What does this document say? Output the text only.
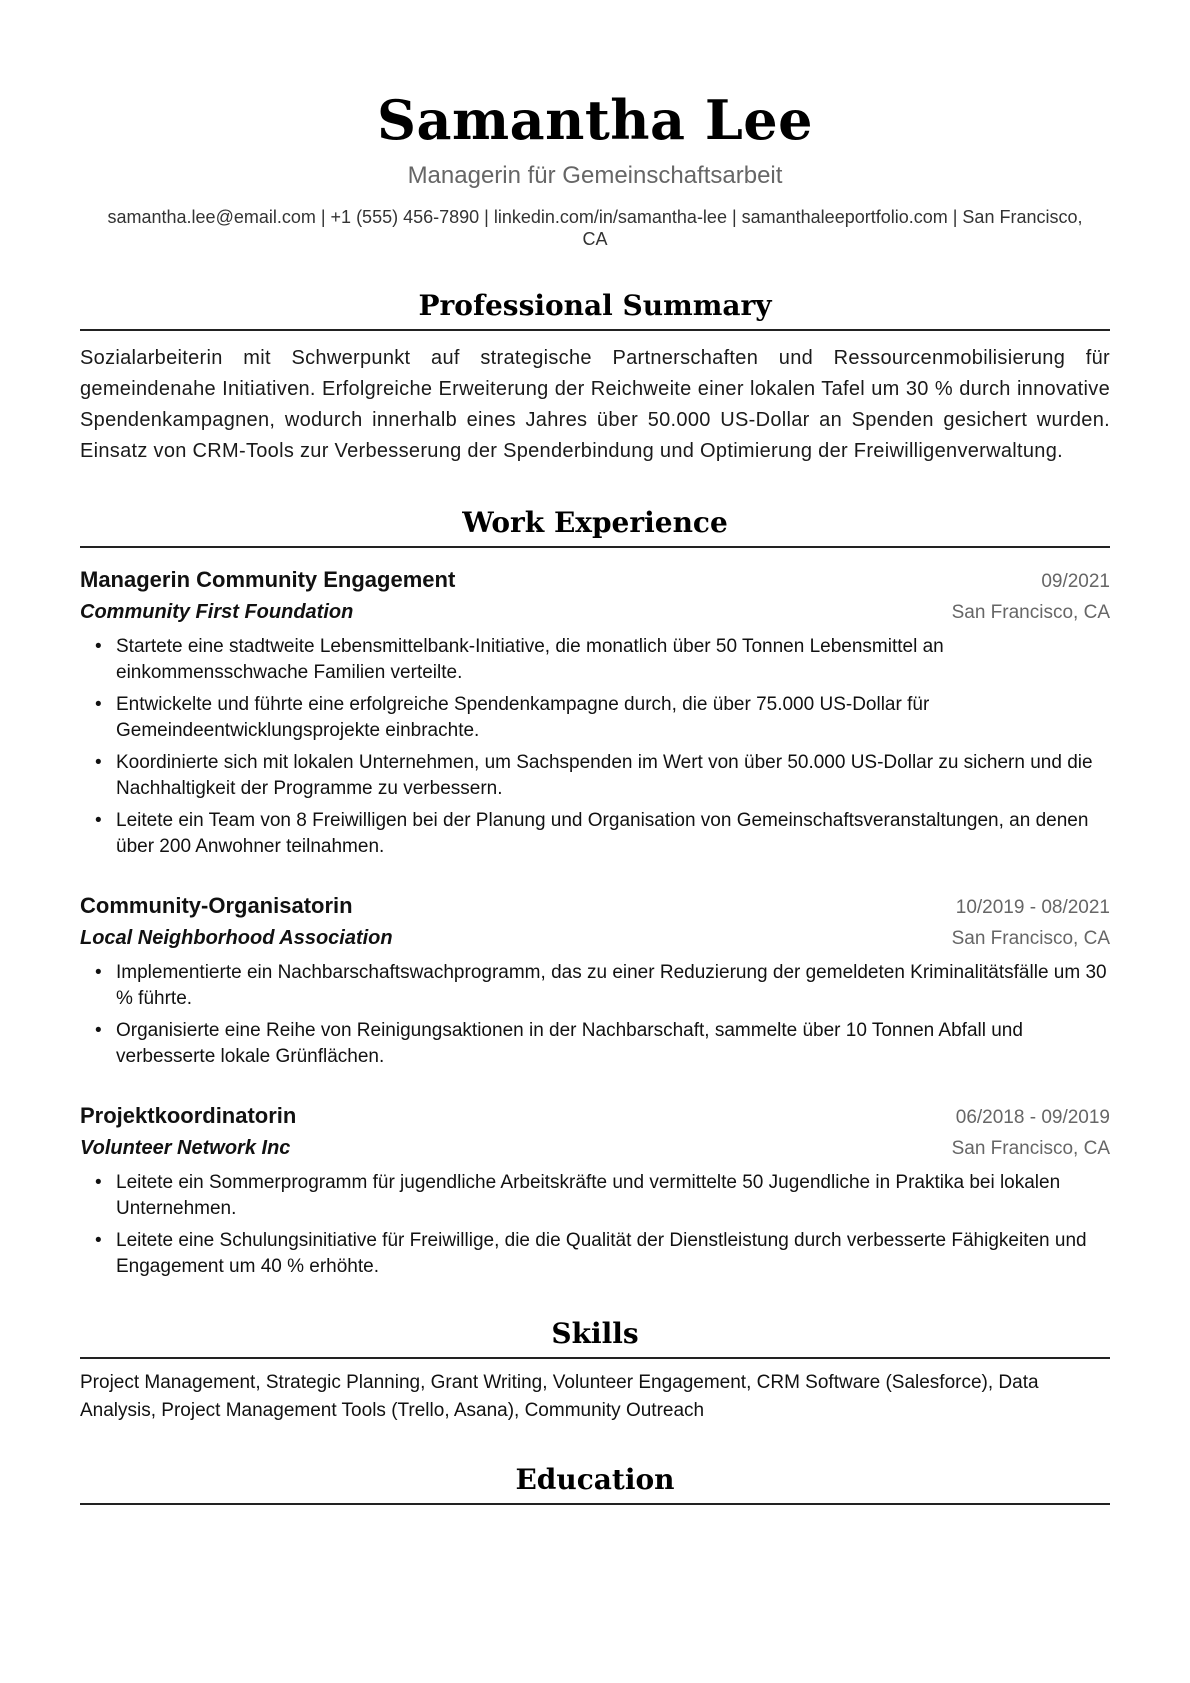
Samantha Lee
Managerin für Gemeinschaftsarbeit
samantha.lee@email.com | +1 (555) 456-7890 | linkedin.com/in/samantha-lee | samanthaleeportfolio.com | San Francisco, CA
Professional Summary
Sozialarbeiterin mit Schwerpunkt auf strategische Partnerschaften und Ressourcenmobilisierung für gemeindenahe Initiativen. Erfolgreiche Erweiterung der Reichweite einer lokalen Tafel um 30 % durch innovative Spendenkampagnen, wodurch innerhalb eines Jahres über 50.000 US-Dollar an Spenden gesichert wurden. Einsatz von CRM-Tools zur Verbesserung der Spenderbindung und Optimierung der Freiwilligenverwaltung.
Work Experience
Managerin Community Engagement	09/2021
Community First Foundation	San Francisco, CA
• Startete eine stadtweite Lebensmittelbank-Initiative, die monatlich über 50 Tonnen Lebensmittel an einkommensschwache Familien verteilte.
• Entwickelte und führte eine erfolgreiche Spendenkampagne durch, die über 75.000 US-Dollar für Gemeindeentwicklungsprojekte einbrachte.
• Koordinierte sich mit lokalen Unternehmen, um Sachspenden im Wert von über 50.000 US-Dollar zu sichern und die Nachhaltigkeit der Programme zu verbessern.
• Leitete ein Team von 8 Freiwilligen bei der Planung und Organisation von Gemeinschaftsveranstaltungen, an denen über 200 Anwohner teilnahmen.
Community-Organisatorin	10/2019 - 08/2021
Local Neighborhood Association	San Francisco, CA
• Implementierte ein Nachbarschaftswachprogramm, das zu einer Reduzierung der gemeldeten Kriminalitätsfälle um 30 % führte.
• Organisierte eine Reihe von Reinigungsaktionen in der Nachbarschaft, sammelte über 10 Tonnen Abfall und verbesserte lokale Grünflächen.
Projektkoordinatorin	06/2018 - 09/2019
Volunteer Network Inc	San Francisco, CA
• Leitete ein Sommerprogramm für jugendliche Arbeitskräfte und vermittelte 50 Jugendliche in Praktika bei lokalen Unternehmen.
• Leitete eine Schulungsinitiative für Freiwillige, die die Qualität der Dienstleistung durch verbesserte Fähigkeiten und Engagement um 40 % erhöhte.
Skills
Project Management, Strategic Planning, Grant Writing, Volunteer Engagement, CRM Software (Salesforce), Data Analysis, Project Management Tools (Trello, Asana), Community Outreach
Education
